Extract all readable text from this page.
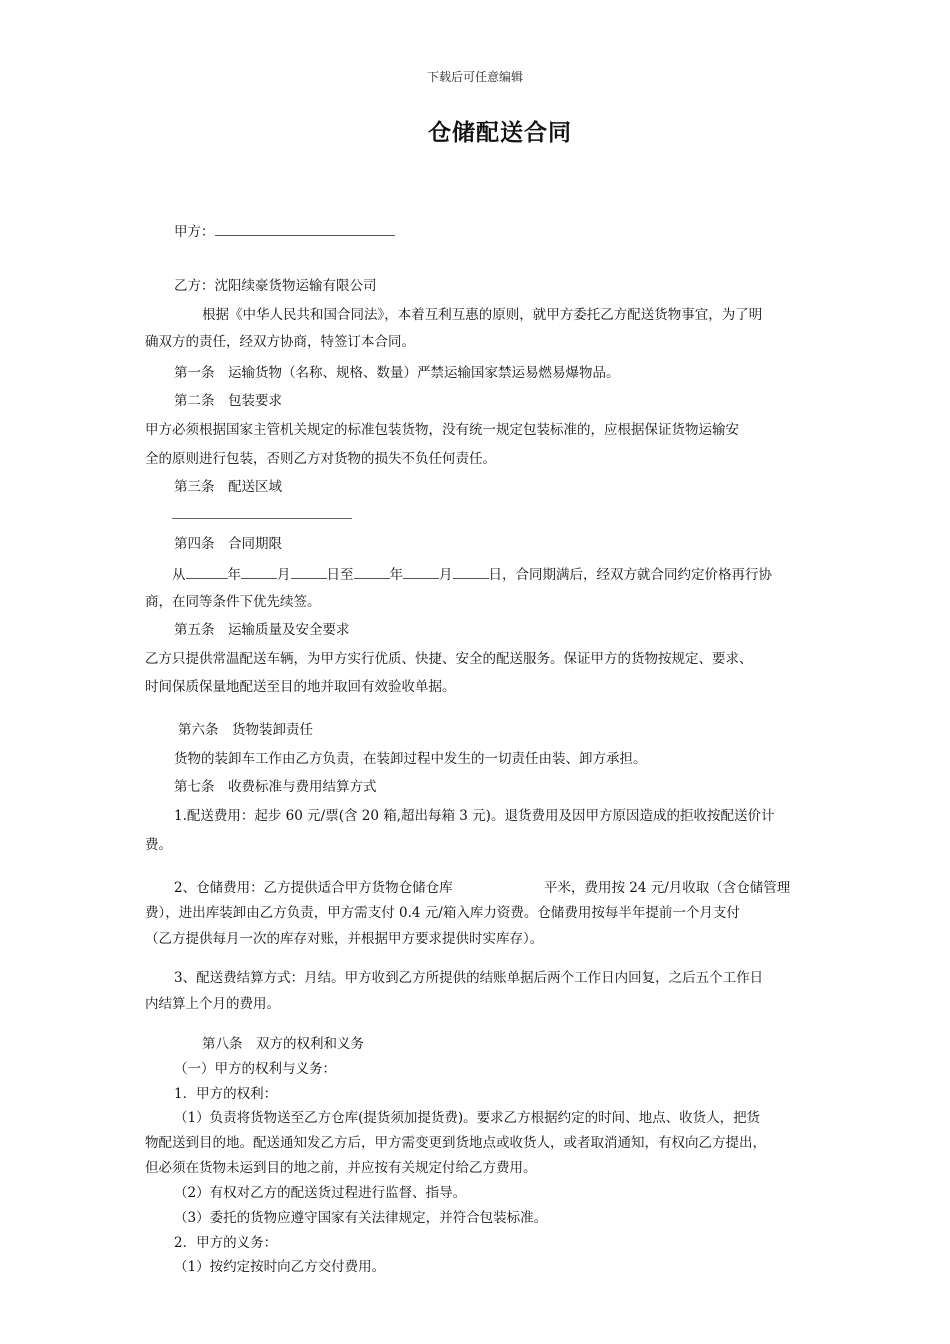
下载后可任意编辑
仓储配送合同
甲方：
乙方：沈阳续豪货物运输有限公司
根据《中华人民共和国合同法》，本着互利互惠的原则，就甲方委托乙方配送货物事宜，为了明
确双方的责任，经双方协商，特签订本合同。
第一条　运输货物（名称、规格、数量）严禁运输国家禁运易燃易爆物品。
第二条　包装要求
甲方必须根据国家主管机关规定的标准包装货物，没有统一规定包装标准的，应根据保证货物运输安
全的原则进行包装，否则乙方对货物的损失不负任何责任。
第三条　配送区域
第四条　合同期限
从	年	月	日至	年	月	日，合同期满后，经双方就合同约定价格再行协
商，在同等条件下优先续签。
第五条　运输质量及安全要求
乙方只提供常温配送车辆，为甲方实行优质、快捷、安全的配送服务。保证甲方的货物按规定、要求、
时间保质保量地配送至目的地并取回有效验收单据。
第六条　货物装卸责任
货物的装卸车工作由乙方负责，在装卸过程中发生的一切责任由装、卸方承担。
第七条　收费标准与费用结算方式
1.配送费用：起步 60 元/票(含 20 箱,超出每箱 3 元)。退货费用及因甲方原因造成的拒收按配送价计
费。
2、仓储费用：乙方提供适合甲方货物仓储仓库	平米，费用按 24 元/月收取（含仓储管理
费），进出库装卸由乙方负责，甲方需支付 0.4 元/箱入库力资费。仓储费用按每半年提前一个月支付
（乙方提供每月一次的库存对账，并根据甲方要求提供时实库存）。
3、配送费结算方式：月结。甲方收到乙方所提供的结账单据后两个工作日内回复，之后五个工作日
内结算上个月的费用。
第八条　双方的权利和义务
（一）甲方的权利与义务：
1．甲方的权利：
（1）负责将货物送至乙方仓库(提货须加提货费)。要求乙方根据约定的时间、地点、收货人，把货
物配送到目的地。配送通知发乙方后，甲方需变更到货地点或收货人，或者取消通知，有权向乙方提出，
但必须在货物未运到目的地之前，并应按有关规定付给乙方费用。
（2）有权对乙方的配送货过程进行监督、指导。
（3）委托的货物应遵守国家有关法律规定，并符合包装标准。
2．甲方的义务：
（1）按约定按时向乙方交付费用。
